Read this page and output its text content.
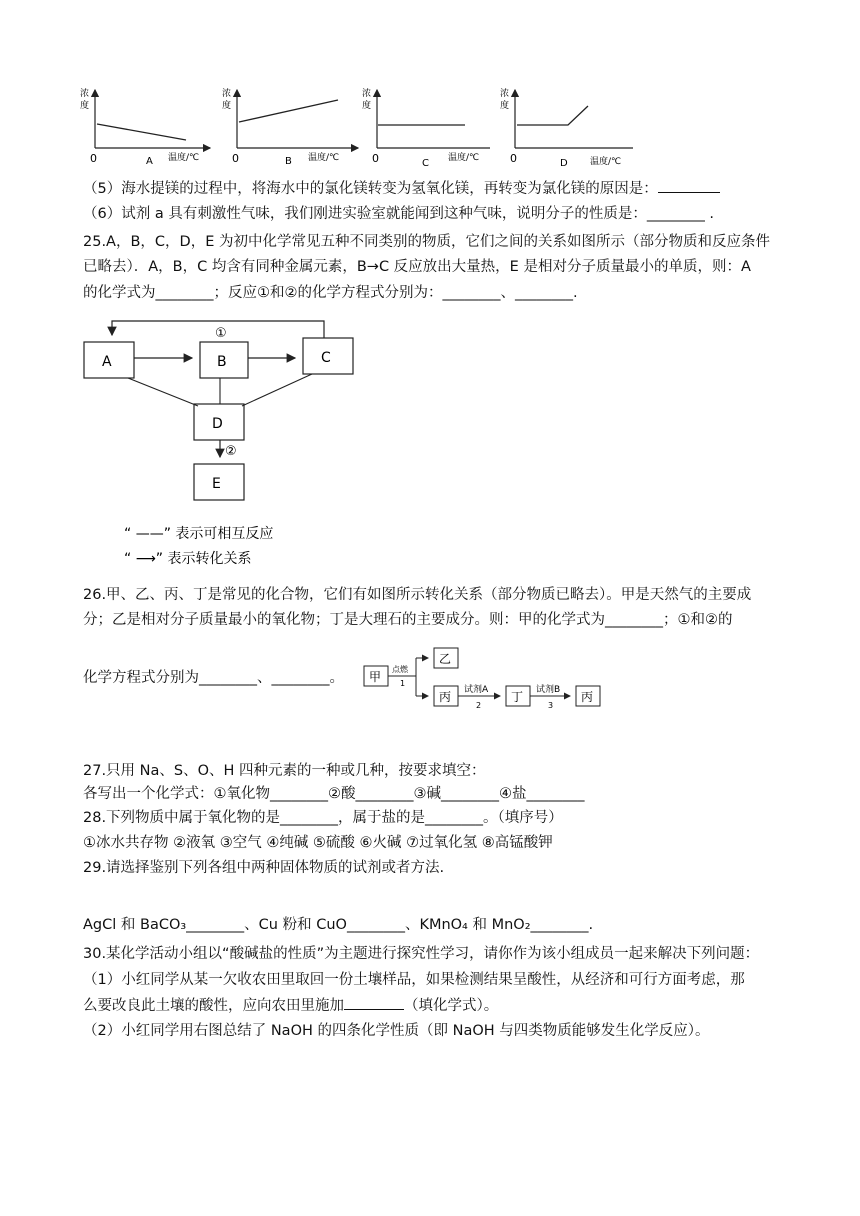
浓
度
0	A 温度/℃
浓
度
0	B 温度/℃
浓
度
0	C 温度/℃
浓
度
0	D 温度/℃
（5）海水提镁的过程中，将海水中的氯化镁转变为氢氧化镁，再转变为氯化镁的原因是：
（6）试剂 a 具有刺激性气味，我们刚进实验室就能闻到这种气味，说明分子的性质是：________ .
25.A，B，C，D，E 为初中化学常见五种不同类别的物质，它们之间的关系如图所示（部分物质和反应条件
已略去）．A，B，C 均含有同种金属元素，B→C 反应放出大量热，E 是相对分子质量最小的单质，则：A
的化学式为________；反应①和②的化学方程式分别为：________、________.
A	B	C
D
E
①
②
“ ——” 表示可相互反应
“ ⟶” 表示转化关系
26.甲、乙、丙、丁是常见的化合物，它们有如图所示转化关系（部分物质已略去）。甲是天然气的主要成
分；乙是相对分子质量最小的氧化物；丁是大理石的主要成分。则：甲的化学式为________；①和②的
化学方程式分别为________、________。 甲
乙
丙	丁	丙
点燃
1
试剂A
2
试剂B
3
27.只用 Na、S、O、H 四种元素的一种或几种，按要求填空：
各写出一个化学式：①氧化物________②酸________③碱________④盐________
28.下列物质中属于氧化物的是________，属于盐的是________。（填序号）
①冰水共存物 ②液氧 ③空气 ④纯碱 ⑤硫酸 ⑥火碱 ⑦过氧化氢 ⑧高锰酸钾
29.请选择鉴别下列各组中两种固体物质的试剂或者方法.
AgCl 和 BaCO₃________、Cu 粉和 CuO________、KMnO₄ 和 MnO₂________.
30.某化学活动小组以“酸碱盐的性质”为主题进行探究性学习，请你作为该小组成员一起来解决下列问题：
（1）小红同学从某一欠收农田里取回一份土壤样品，如果检测结果呈酸性，从经济和可行方面考虑，那
么要改良此土壤的酸性，应向农田里施加	（填化学式）。
（2）小红同学用右图总结了 NaOH 的四条化学性质（即 NaOH 与四类物质能够发生化学反应）。
